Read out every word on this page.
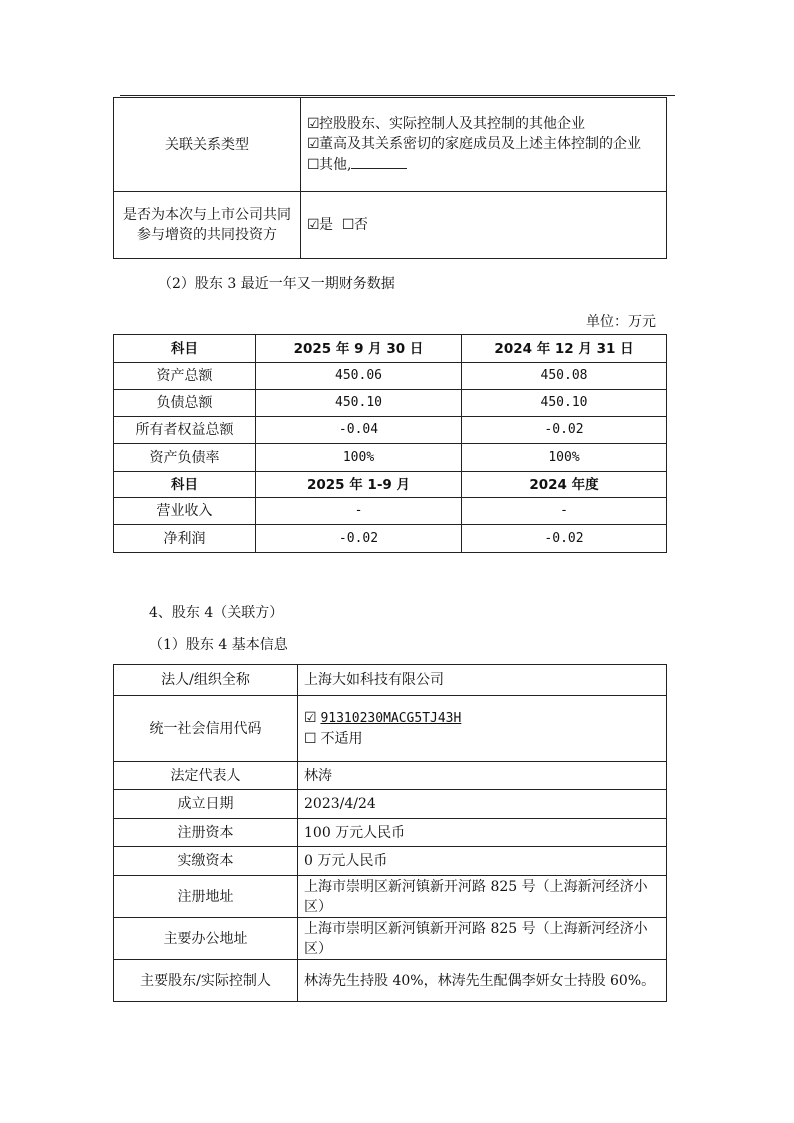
关联关系类型	☑控股股东、实际控制人及其控制的其他企业
☑董高及其关系密切的家庭成员及上述主体控制的企业
☐其他,

是否为本次与上市公司共同参与增资的共同投资方	☑是 ☐否
（2）股东 3 最近一年又一期财务数据
单位：万元
科目	2025 年 9 月 30 日	2024 年 12 月 31 日
资产总额	450.06	450.08
负债总额	450.10	450.10
所有者权益总额	-0.04	-0.02
资产负债率	100%	100%
科目	2025 年 1-9 月	2024 年度
营业收入	-	-
净利润	-0.02	-0.02
4、股东 4（关联方）
（1）股东 4 基本信息
法人/组织全称	上海大如科技有限公司
统一社会信用代码	☑ 91310230MACG5TJ43H
☐ 不适用

法定代表人	林涛
成立日期	2023/4/24
注册资本	100 万元人民币
实缴资本	0 万元人民币
注册地址	上海市崇明区新河镇新开河路 825 号（上海新河经济小区）
主要办公地址	上海市崇明区新河镇新开河路 825 号（上海新河经济小区）
主要股东/实际控制人	林涛先生持股 40%，林涛先生配偶李妍女士持股 60%。
